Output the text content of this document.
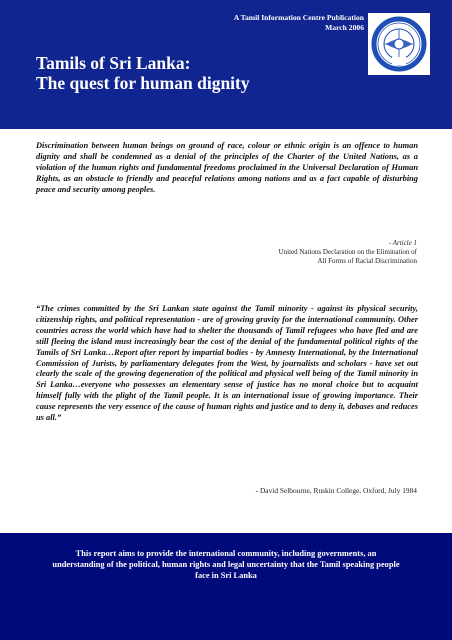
A Tamil Information Centre Publication
March 2006
Tamils of Sri Lanka:
The quest for human dignity
Discrimination between human beings on ground of race, colour or ethnic origin is an offence to human dignity and shall be condemned as a denial of the principles of the Charter of the United Nations, as a violation of the human rights and fundamental freedoms proclaimed in the Universal Declaration of Human Rights, as an obstacle to friendly and peaceful relations among nations and as a fact capable of disturbing peace and security among peoples.
- Article 1
United Nations Declaration on the Elimination of
All Forms of Racial Discrimination
“The crimes committed by the Sri Lankan state against the Tamil minority - against its physical security, citizenship rights, and political representation - are of growing gravity for the international community. Other countries across the world which have had to shelter the thousands of Tamil refugees who have fled and are still fleeing the island must increasingly bear the cost of the denial of the fundamental political rights of the Tamils of Sri Lanka…Report after report by impartial bodies - by Amnesty International, by the International Commission of Jurists, by parliamentary delegates from the West, by journalists and scholars - have set out clearly the scale of the growing degeneration of the political and physical well being of the Tamil minority in Sri Lanka…everyone who possesses an elementary sense of justice has no moral choice but to acquaint himself fully with the plight of the Tamil people. It is an international issue of growing importance. Their cause represents the very essence of the cause of human rights and justice and to deny it, debases and reduces us all.”
- David Selbourne, Ruskin College, Oxford, July 1984

This report aims to provide the international community, including governments, an understanding of the political, human rights and legal uncertainty that the Tamil speaking people face in Sri Lanka
